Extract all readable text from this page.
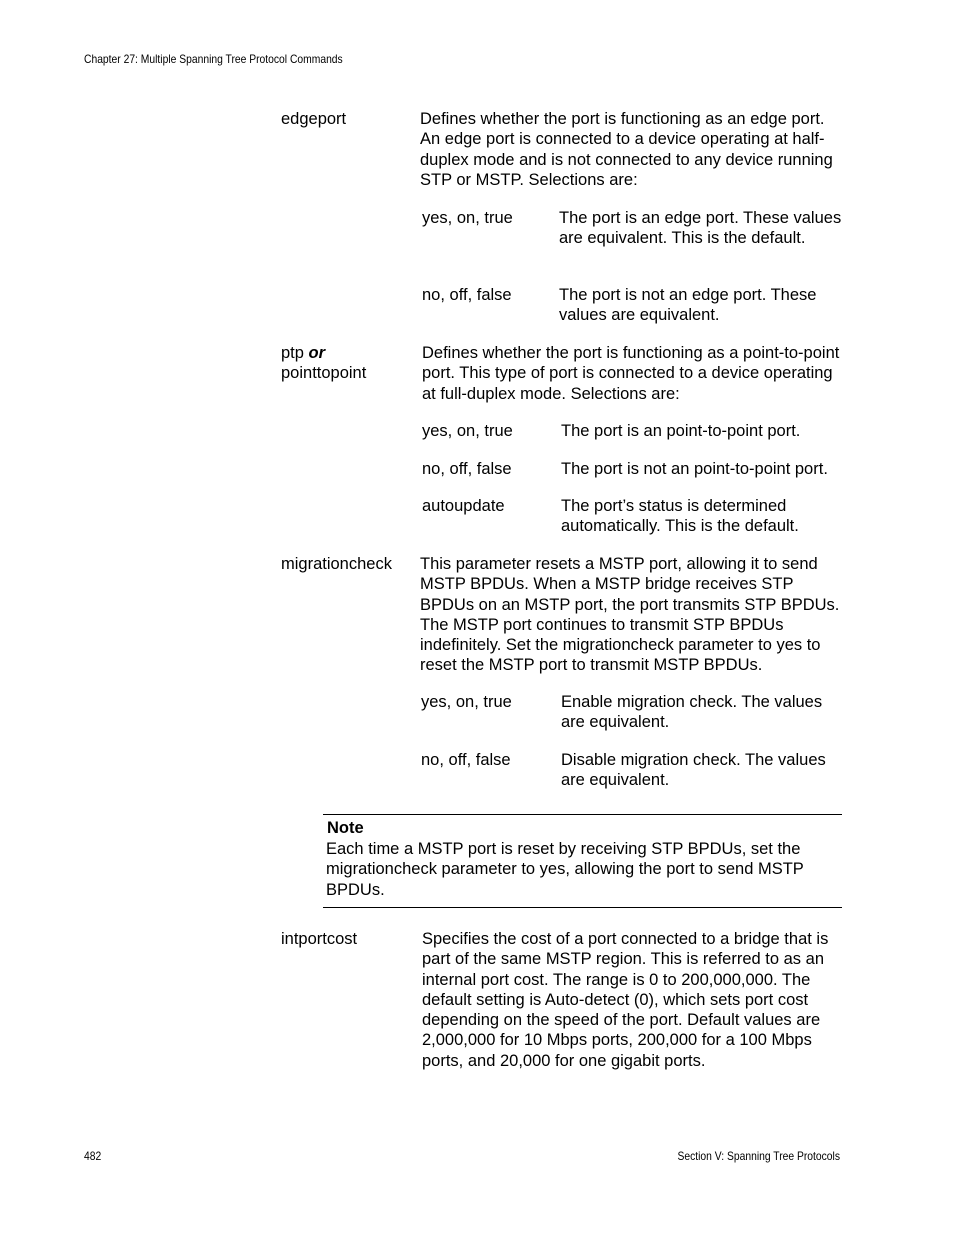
Chapter 27: Multiple Spanning Tree Protocol Commands
edgeport	Defines whether the port is functioning as an edge port. An edge port is connected to a device operating at half-duplex mode and is not connected to any device running STP or MSTP. Selections are:
yes, on, true	The port is an edge port. These values are equivalent. This is the default.
no, off, false	The port is not an edge port. These values are equivalent.
ptp or
pointtopoint
Defines whether the port is functioning as a point-to-point port. This type of port is connected to a device operating at full-duplex mode. Selections are:
yes, on, true	The port is an point-to-point port.
no, off, false	The port is not an point-to-point port.
autoupdate	The port’s status is determined automatically. This is the default.
migrationcheck This parameter resets a MSTP port, allowing it to send MSTP BPDUs. When a MSTP bridge receives STP BPDUs on an MSTP port, the port transmits STP BPDUs. The MSTP port continues to transmit STP BPDUs indefinitely. Set the migrationcheck parameter to yes to reset the MSTP port to transmit MSTP BPDUs.
yes, on, true	Enable migration check. The values are equivalent.
no, off, false	Disable migration check. The values are equivalent.
Note
Each time a MSTP port is reset by receiving STP BPDUs, set the migrationcheck parameter to yes, allowing the port to send MSTP BPDUs.
intportcost	Specifies the cost of a port connected to a bridge that is part of the same MSTP region. This is referred to as an internal port cost. The range is 0 to 200,000,000. The default setting is Auto-detect (0), which sets port cost depending on the speed of the port. Default values are 2,000,000 for 10 Mbps ports, 200,000 for a 100 Mbps ports, and 20,000 for one gigabit ports.
482	Section V: Spanning Tree Protocols
